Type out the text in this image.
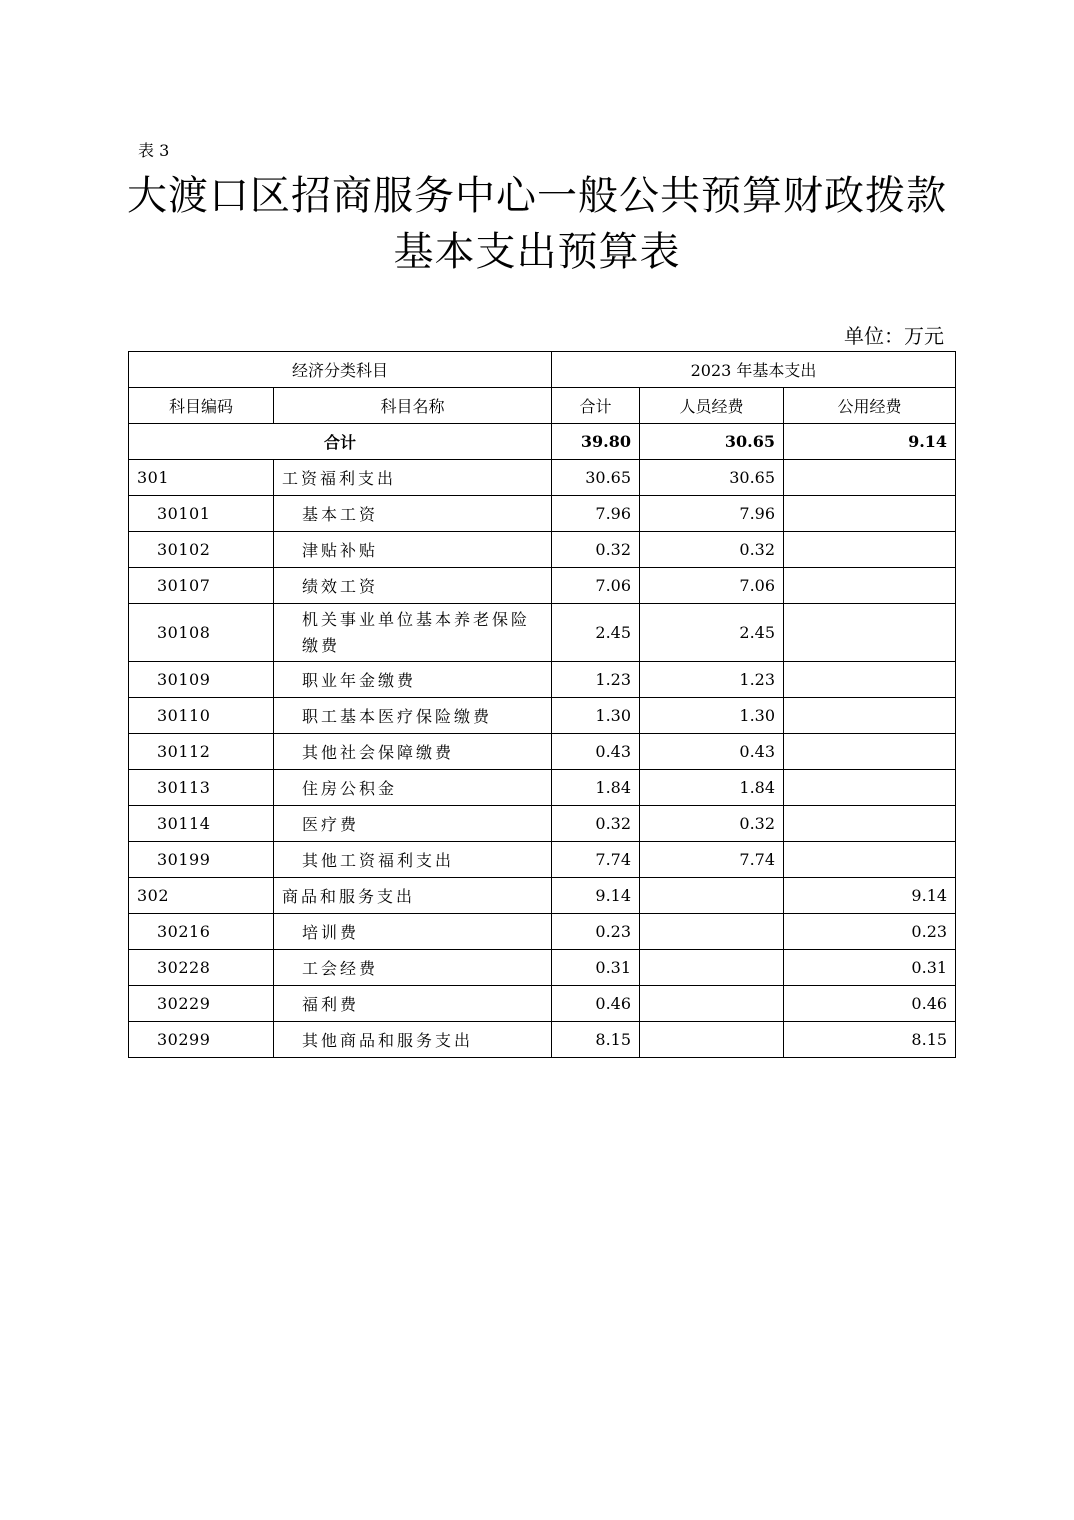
表 3
大渡口区招商服务中心一般公共预算财政拨款
基本支出预算表
单位：万元
经济分类科目		2023 年基本支出		
科目编码	科目名称	合计	人员经费	公用经费
合计		39.80	30.65	9.14
301	工资福利支出	30.65	30.65	
30101	基本工资	7.96	7.96	
30102	津贴补贴	0.32	0.32	
30107	绩效工资	7.06	7.06	
30108	机关事业单位基本养老保险缴费	2.45	2.45	
30109	职业年金缴费	1.23	1.23	
30110	职工基本医疗保险缴费	1.30	1.30	
30112	其他社会保障缴费	0.43	0.43	
30113	住房公积金	1.84	1.84	
30114	医疗费	0.32	0.32	
30199	其他工资福利支出	7.74	7.74	
302	商品和服务支出	9.14		9.14
30216	培训费	0.23		0.23
30228	工会经费	0.31		0.31
30229	福利费	0.46		0.46
30299	其他商品和服务支出	8.15		8.15
